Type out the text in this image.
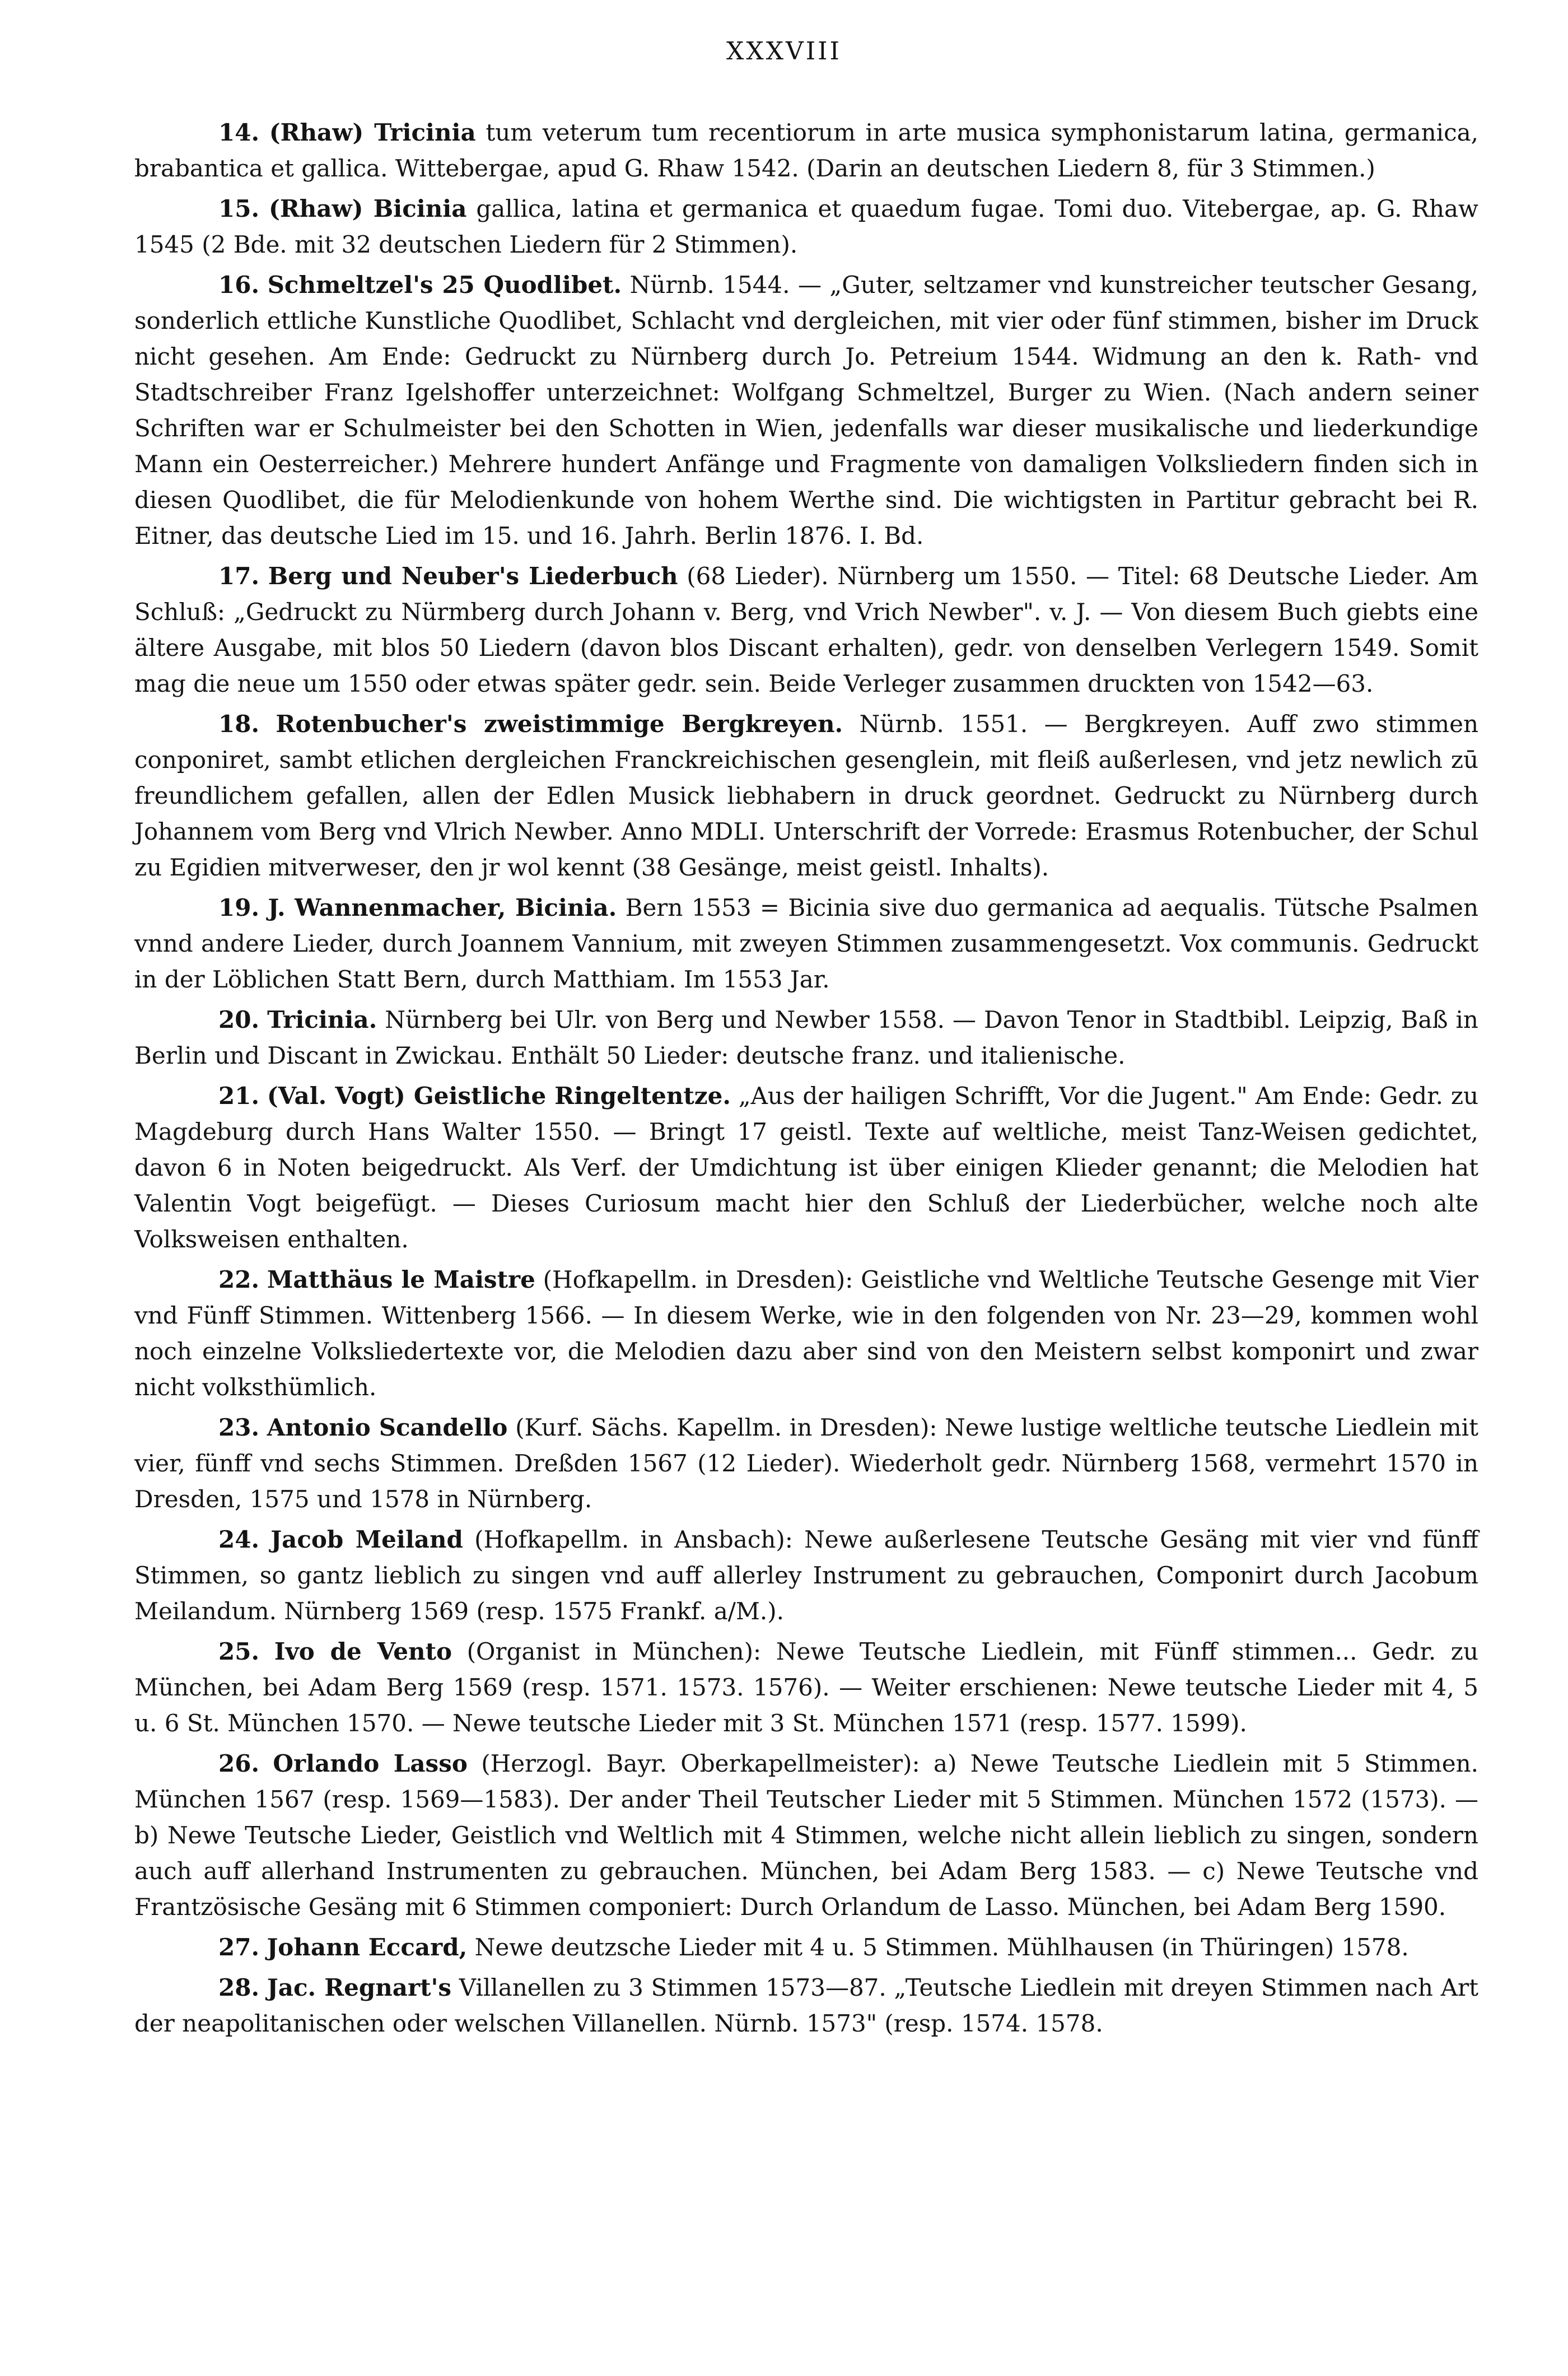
XXXVIII

14. (Rhaw) Tricinia tum veterum tum recentiorum in arte musica symphonistarum latina, germanica, brabantica et gallica. Wittebergae, apud G. Rhaw 1542. (Darin an deutschen Liedern 8, für 3 Stimmen.)

15. (Rhaw) Bicinia gallica, latina et germanica et quaedum fugae. Tomi duo. Vitebergae, ap. G. Rhaw 1545 (2 Bde. mit 32 deutschen Liedern für 2 Stimmen).

16. Schmeltzel's 25 Quodlibet. Nürnb. 1544. — „Guter, seltzamer vnd kunstreicher teutscher Gesang, sonderlich ettliche Kunstliche Quodlibet, Schlacht vnd dergleichen, mit vier oder fünf stimmen, bisher im Druck nicht gesehen. Am Ende: Gedruckt zu Nürnberg durch Jo. Petreium 1544. Widmung an den k. Rath- vnd Stadtschreiber Franz Igelshoffer unterzeichnet: Wolfgang Schmeltzel, Burger zu Wien. (Nach andern seiner Schriften war er Schulmeister bei den Schotten in Wien, jedenfalls war dieser musikalische und liederkundige Mann ein Oesterreicher.) Mehrere hundert Anfänge und Fragmente von damaligen Volksliedern finden sich in diesen Quodlibet, die für Melodienkunde von hohem Werthe sind. Die wichtigsten in Partitur gebracht bei R. Eitner, das deutsche Lied im 15. und 16. Jahrh. Berlin 1876. I. Bd.

17. Berg und Neuber's Liederbuch (68 Lieder). Nürnberg um 1550. — Titel: 68 Deutsche Lieder. Am Schluß: „Gedruckt zu Nürmberg durch Johann v. Berg, vnd Vrich Newber". v. J. — Von diesem Buch giebts eine ältere Ausgabe, mit blos 50 Liedern (davon blos Discant erhalten), gedr. von denselben Verlegern 1549. Somit mag die neue um 1550 oder etwas später gedr. sein. Beide Verleger zusammen druckten von 1542—63.

18. Rotenbucher's zweistimmige Bergkreyen. Nürnb. 1551. — Bergkreyen. Auff zwo stimmen conponiret, sambt etlichen dergleichen Franckreichischen gesenglein, mit fleiß außerlesen, vnd jetz newlich zū freundlichem gefallen, allen der Edlen Musick liebhabern in druck geordnet. Gedruckt zu Nürnberg durch Johannem vom Berg vnd Vlrich Newber. Anno MDLI. Unterschrift der Vorrede: Erasmus Rotenbucher, der Schul zu Egidien mitverweser, den jr wol kennt (38 Gesänge, meist geistl. Inhalts).

19. J. Wannenmacher, Bicinia. Bern 1553 = Bicinia sive duo germanica ad aequalis. Tütsche Psalmen vnnd andere Lieder, durch Joannem Vannium, mit zweyen Stimmen zusammengesetzt. Vox communis. Gedruckt in der Löblichen Statt Bern, durch Matthiam. Im 1553 Jar.

20. Tricinia. Nürnberg bei Ulr. von Berg und Newber 1558. — Davon Tenor in Stadtbibl. Leipzig, Baß in Berlin und Discant in Zwickau. Enthält 50 Lieder: deutsche franz. und italienische.

21. (Val. Vogt) Geistliche Ringeltentze. „Aus der hailigen Schrifft, Vor die Jugent." Am Ende: Gedr. zu Magdeburg durch Hans Walter 1550. — Bringt 17 geistl. Texte auf weltliche, meist Tanz-Weisen gedichtet, davon 6 in Noten beigedruckt. Als Verf. der Umdichtung ist über einigen Klieder genannt; die Melodien hat Valentin Vogt beigefügt. — Dieses Curiosum macht hier den Schluß der Liederbücher, welche noch alte Volksweisen enthalten.

22. Matthäus le Maistre (Hofkapellm. in Dresden): Geistliche vnd Weltliche Teutsche Gesenge mit Vier vnd Fünff Stimmen. Wittenberg 1566. — In diesem Werke, wie in den folgenden von Nr. 23—29, kommen wohl noch einzelne Volksliedertexte vor, die Melodien dazu aber sind von den Meistern selbst komponirt und zwar nicht volksthümlich.

23. Antonio Scandello (Kurf. Sächs. Kapellm. in Dresden): Newe lustige weltliche teutsche Liedlein mit vier, fünff vnd sechs Stimmen. Dreßden 1567 (12 Lieder). Wiederholt gedr. Nürnberg 1568, vermehrt 1570 in Dresden, 1575 und 1578 in Nürnberg.

24. Jacob Meiland (Hofkapellm. in Ansbach): Newe außerlesene Teutsche Gesäng mit vier vnd fünff Stimmen, so gantz lieblich zu singen vnd auff allerley Instrument zu gebrauchen, Componirt durch Jacobum Meilandum. Nürnberg 1569 (resp. 1575 Frankf. a/M.).

25. Ivo de Vento (Organist in München): Newe Teutsche Liedlein, mit Fünff stimmen... Gedr. zu München, bei Adam Berg 1569 (resp. 1571. 1573. 1576). — Weiter erschienen: Newe teutsche Lieder mit 4, 5 u. 6 St. München 1570. — Newe teutsche Lieder mit 3 St. München 1571 (resp. 1577. 1599).

26. Orlando Lasso (Herzogl. Bayr. Oberkapellmeister): a) Newe Teutsche Liedlein mit 5 Stimmen. München 1567 (resp. 1569—1583). Der ander Theil Teutscher Lieder mit 5 Stimmen. München 1572 (1573). — b) Newe Teutsche Lieder, Geistlich vnd Weltlich mit 4 Stimmen, welche nicht allein lieblich zu singen, sondern auch auff allerhand Instrumenten zu gebrauchen. München, bei Adam Berg 1583. — c) Newe Teutsche vnd Frantzösische Gesäng mit 6 Stimmen componiert: Durch Orlandum de Lasso. München, bei Adam Berg 1590.

27. Johann Eccard, Newe deutzsche Lieder mit 4 u. 5 Stimmen. Mühlhausen (in Thüringen) 1578.

28. Jac. Regnart's Villanellen zu 3 Stimmen 1573—87. „Teutsche Liedlein mit dreyen Stimmen nach Art der neapolitanischen oder welschen Villanellen. Nürnb. 1573" (resp. 1574. 1578.
